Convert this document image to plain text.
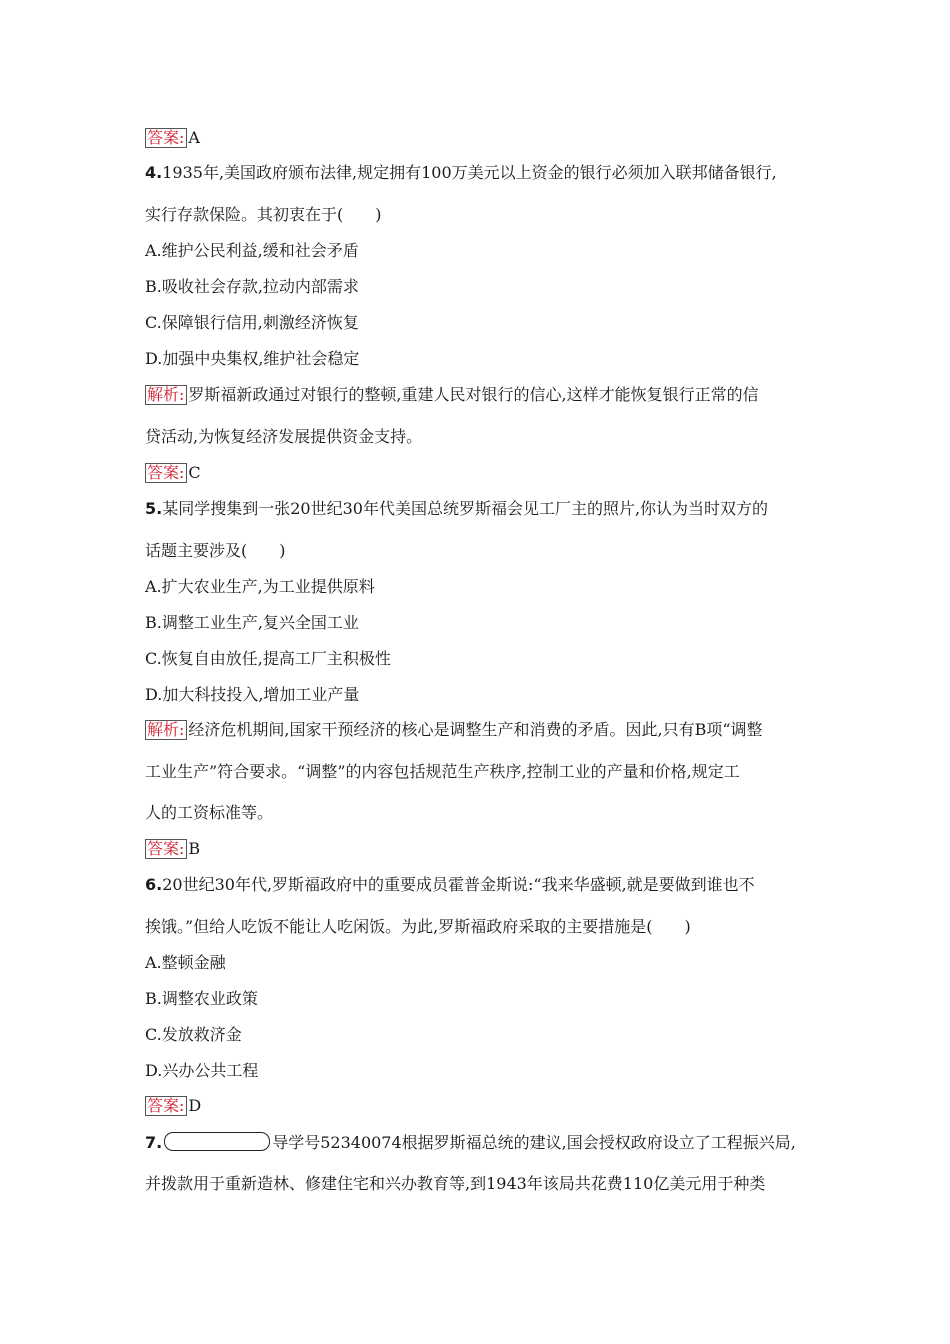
答案: A
4.1935年,美国政府颁布法律,规定拥有100万美元以上资金的银行必须加入联邦储备银行,
实行存款保险。其初衷在于(　　)
A.维护公民利益,缓和社会矛盾
B.吸收社会存款,拉动内部需求
C.保障银行信用,刺激经济恢复
D.加强中央集权,维护社会稳定
解析: 罗斯福新政通过对银行的整顿,重建人民对银行的信心,这样才能恢复银行正常的信
贷活动,为恢复经济发展提供资金支持。
答案: C
5.某同学搜集到一张20世纪30年代美国总统罗斯福会见工厂主的照片,你认为当时双方的
话题主要涉及(　　)
A.扩大农业生产,为工业提供原料
B.调整工业生产,复兴全国工业
C.恢复自由放任,提高工厂主积极性
D.加大科技投入,增加工业产量
解析: 经济危机期间,国家干预经济的核心是调整生产和消费的矛盾。因此,只有B项“调整
工业生产”符合要求。“调整”的内容包括规范生产秩序,控制工业的产量和价格,规定工
人的工资标准等。
答案: B
6.20世纪30年代,罗斯福政府中的重要成员霍普金斯说:“我来华盛顿,就是要做到谁也不
挨饿。”但给人吃饭不能让人吃闲饭。为此,罗斯福政府采取的主要措施是(　　)
A.整顿金融
B.调整农业政策
C.发放救济金
D.兴办公共工程
答案: D
7.	导学号52340074根据罗斯福总统的建议,国会授权政府设立了工程振兴局,
并拨款用于重新造林、修建住宅和兴办教育等,到1943年该局共花费110亿美元用于种类
